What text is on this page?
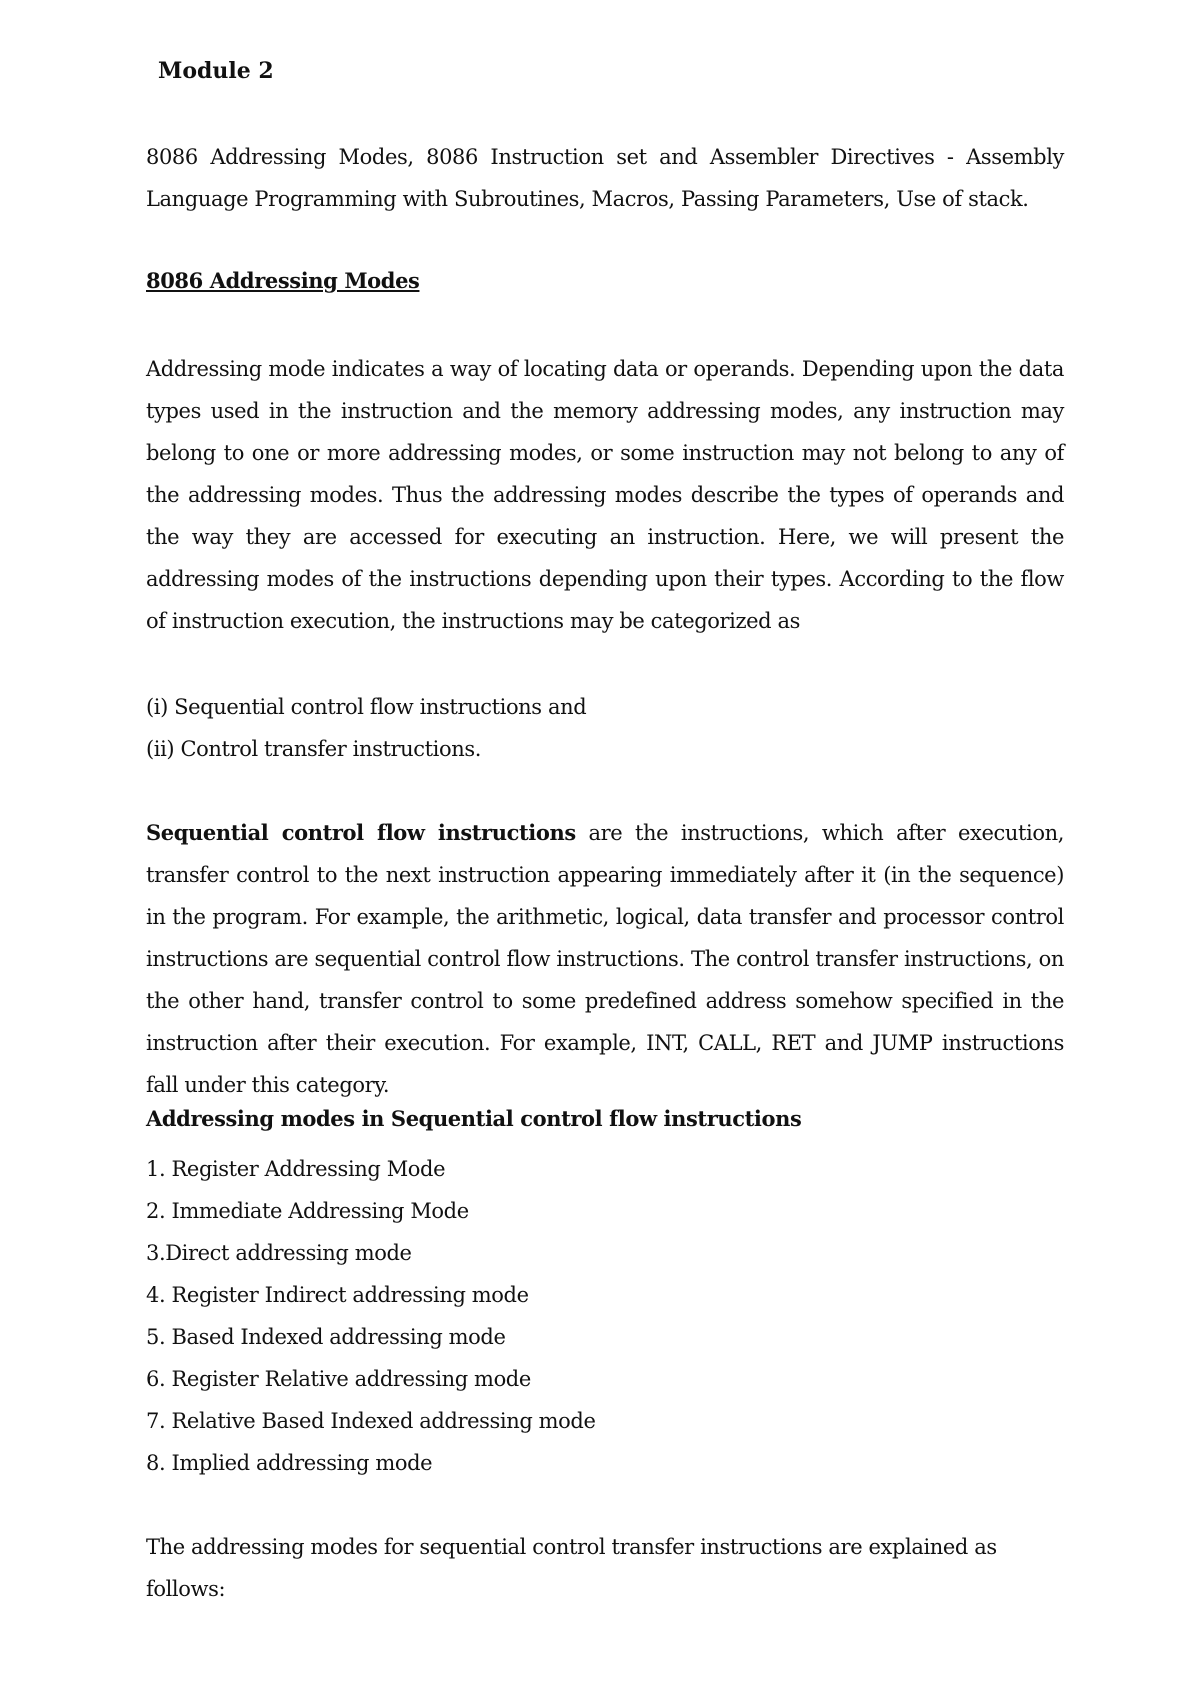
Module 2
8086 Addressing Modes, 8086 Instruction set and Assembler Directives - Assembly Language Programming with Subroutines, Macros, Passing Parameters, Use of stack.
8086 Addressing Modes
Addressing mode indicates a way of locating data or operands. Depending upon the data types used in the instruction and the memory addressing modes, any instruction may belong to one or more addressing modes, or some instruction may not belong to any of the addressing modes. Thus the addressing modes describe the types of operands and the way they are accessed for executing an instruction. Here, we will present the addressing modes of the instructions depending upon their types. According to the flow of instruction execution, the instructions may be categorized as
(i) Sequential control flow instructions and
(ii) Control transfer instructions.
Sequential control flow instructions are the instructions, which after execution, transfer control to the next instruction appearing immediately after it (in the sequence) in the program. For example, the arithmetic, logical, data transfer and processor control instructions are sequential control flow instructions. The control transfer instructions, on the other hand, transfer control to some predefined address somehow specified in the instruction after their execution. For example, INT, CALL, RET and JUMP instructions fall under this category.
Addressing modes in Sequential control flow instructions
1. Register Addressing Mode
2. Immediate Addressing Mode
3.Direct addressing mode
4. Register Indirect addressing mode
5. Based Indexed addressing mode
6. Register Relative addressing mode
7. Relative Based Indexed addressing mode
8. Implied addressing mode
The addressing modes for sequential control transfer instructions are explained as follows:
